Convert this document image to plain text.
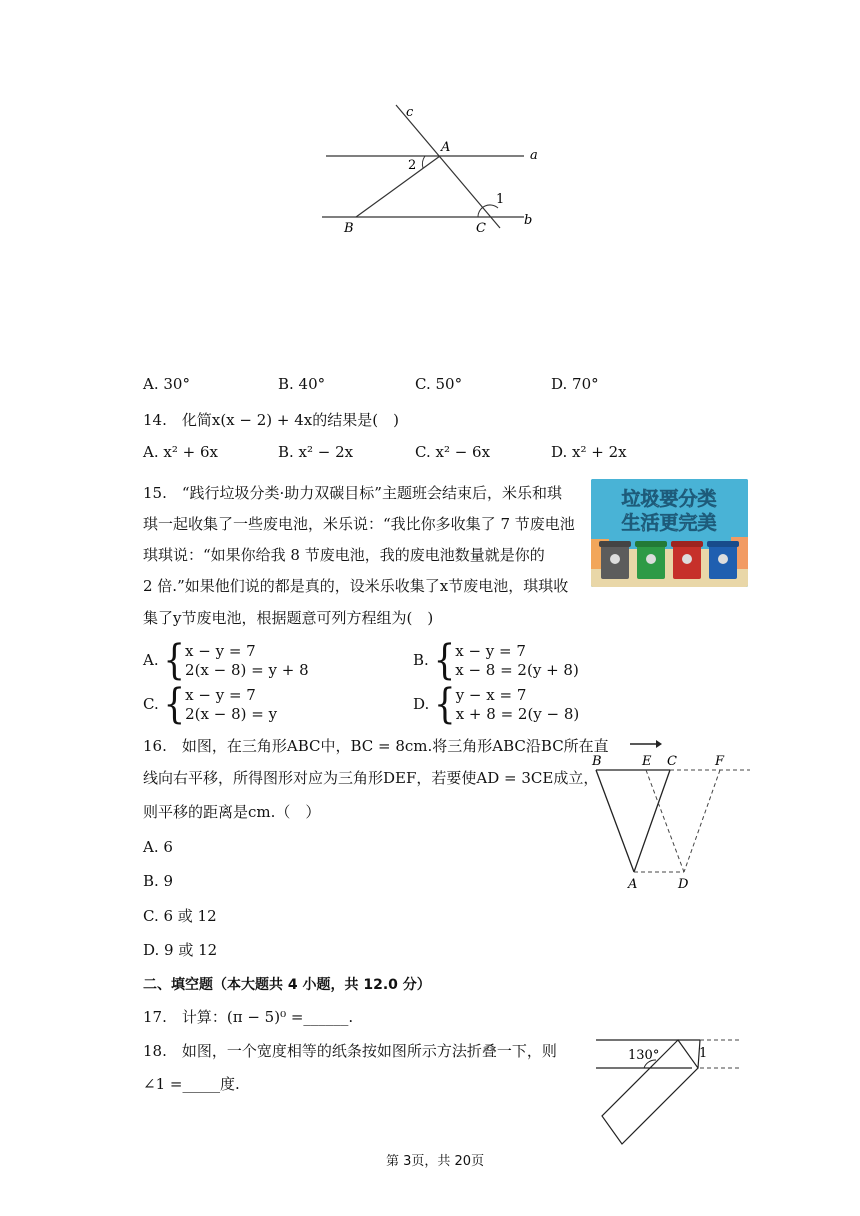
c
A
a
2
1
B	C
b
A. 30°	B. 40°	C. 50°	D. 70°
14.　化简x(x − 2) + 4x的结果是(　)
A. x² + 6x	B. x² − 2x	C. x² − 6x	D. x² + 2x
15.　“践行垃圾分类·助力双碳目标”主题班会结束后，米乐和琪
琪一起收集了一些废电池，米乐说：“我比你多收集了 7 节废电池
琪琪说：“如果你给我 8 节废电池，我的废电池数量就是你的
2 倍.”如果他们说的都是真的，设米乐收集了x节废电池，琪琪收
集了y节废电池，根据题意可列方程组为(　)
垃圾要分类
生活更完美
A. {x − y = 7
2(x − 8) = y + 8
B. {x − y = 7
x − 8 = 2(y + 8)
C. {x − y = 7
2(x − 8) = y
D. {y − x = 7
x + 8 = 2(y − 8)
16.　如图，在三角形ABC中，BC = 8cm.将三角形ABC沿BC所在直
线向右平移，所得图形对应为三角形DEF，若要使AD = 3CE成立，
则平移的距离是cm.（　）
A. 6
B. 9
C. 6 或 12
D. 9 或 12
B	E C	F
A	D
二、填空题（本大题共 4 小题，共 12.0 分）
17.　计算：(π − 5)⁰ =______.
18.　如图，一个宽度相等的纸条按如图所示方法折叠一下，则
∠1 =_____度.
130°	1
第 3页，共 20页
